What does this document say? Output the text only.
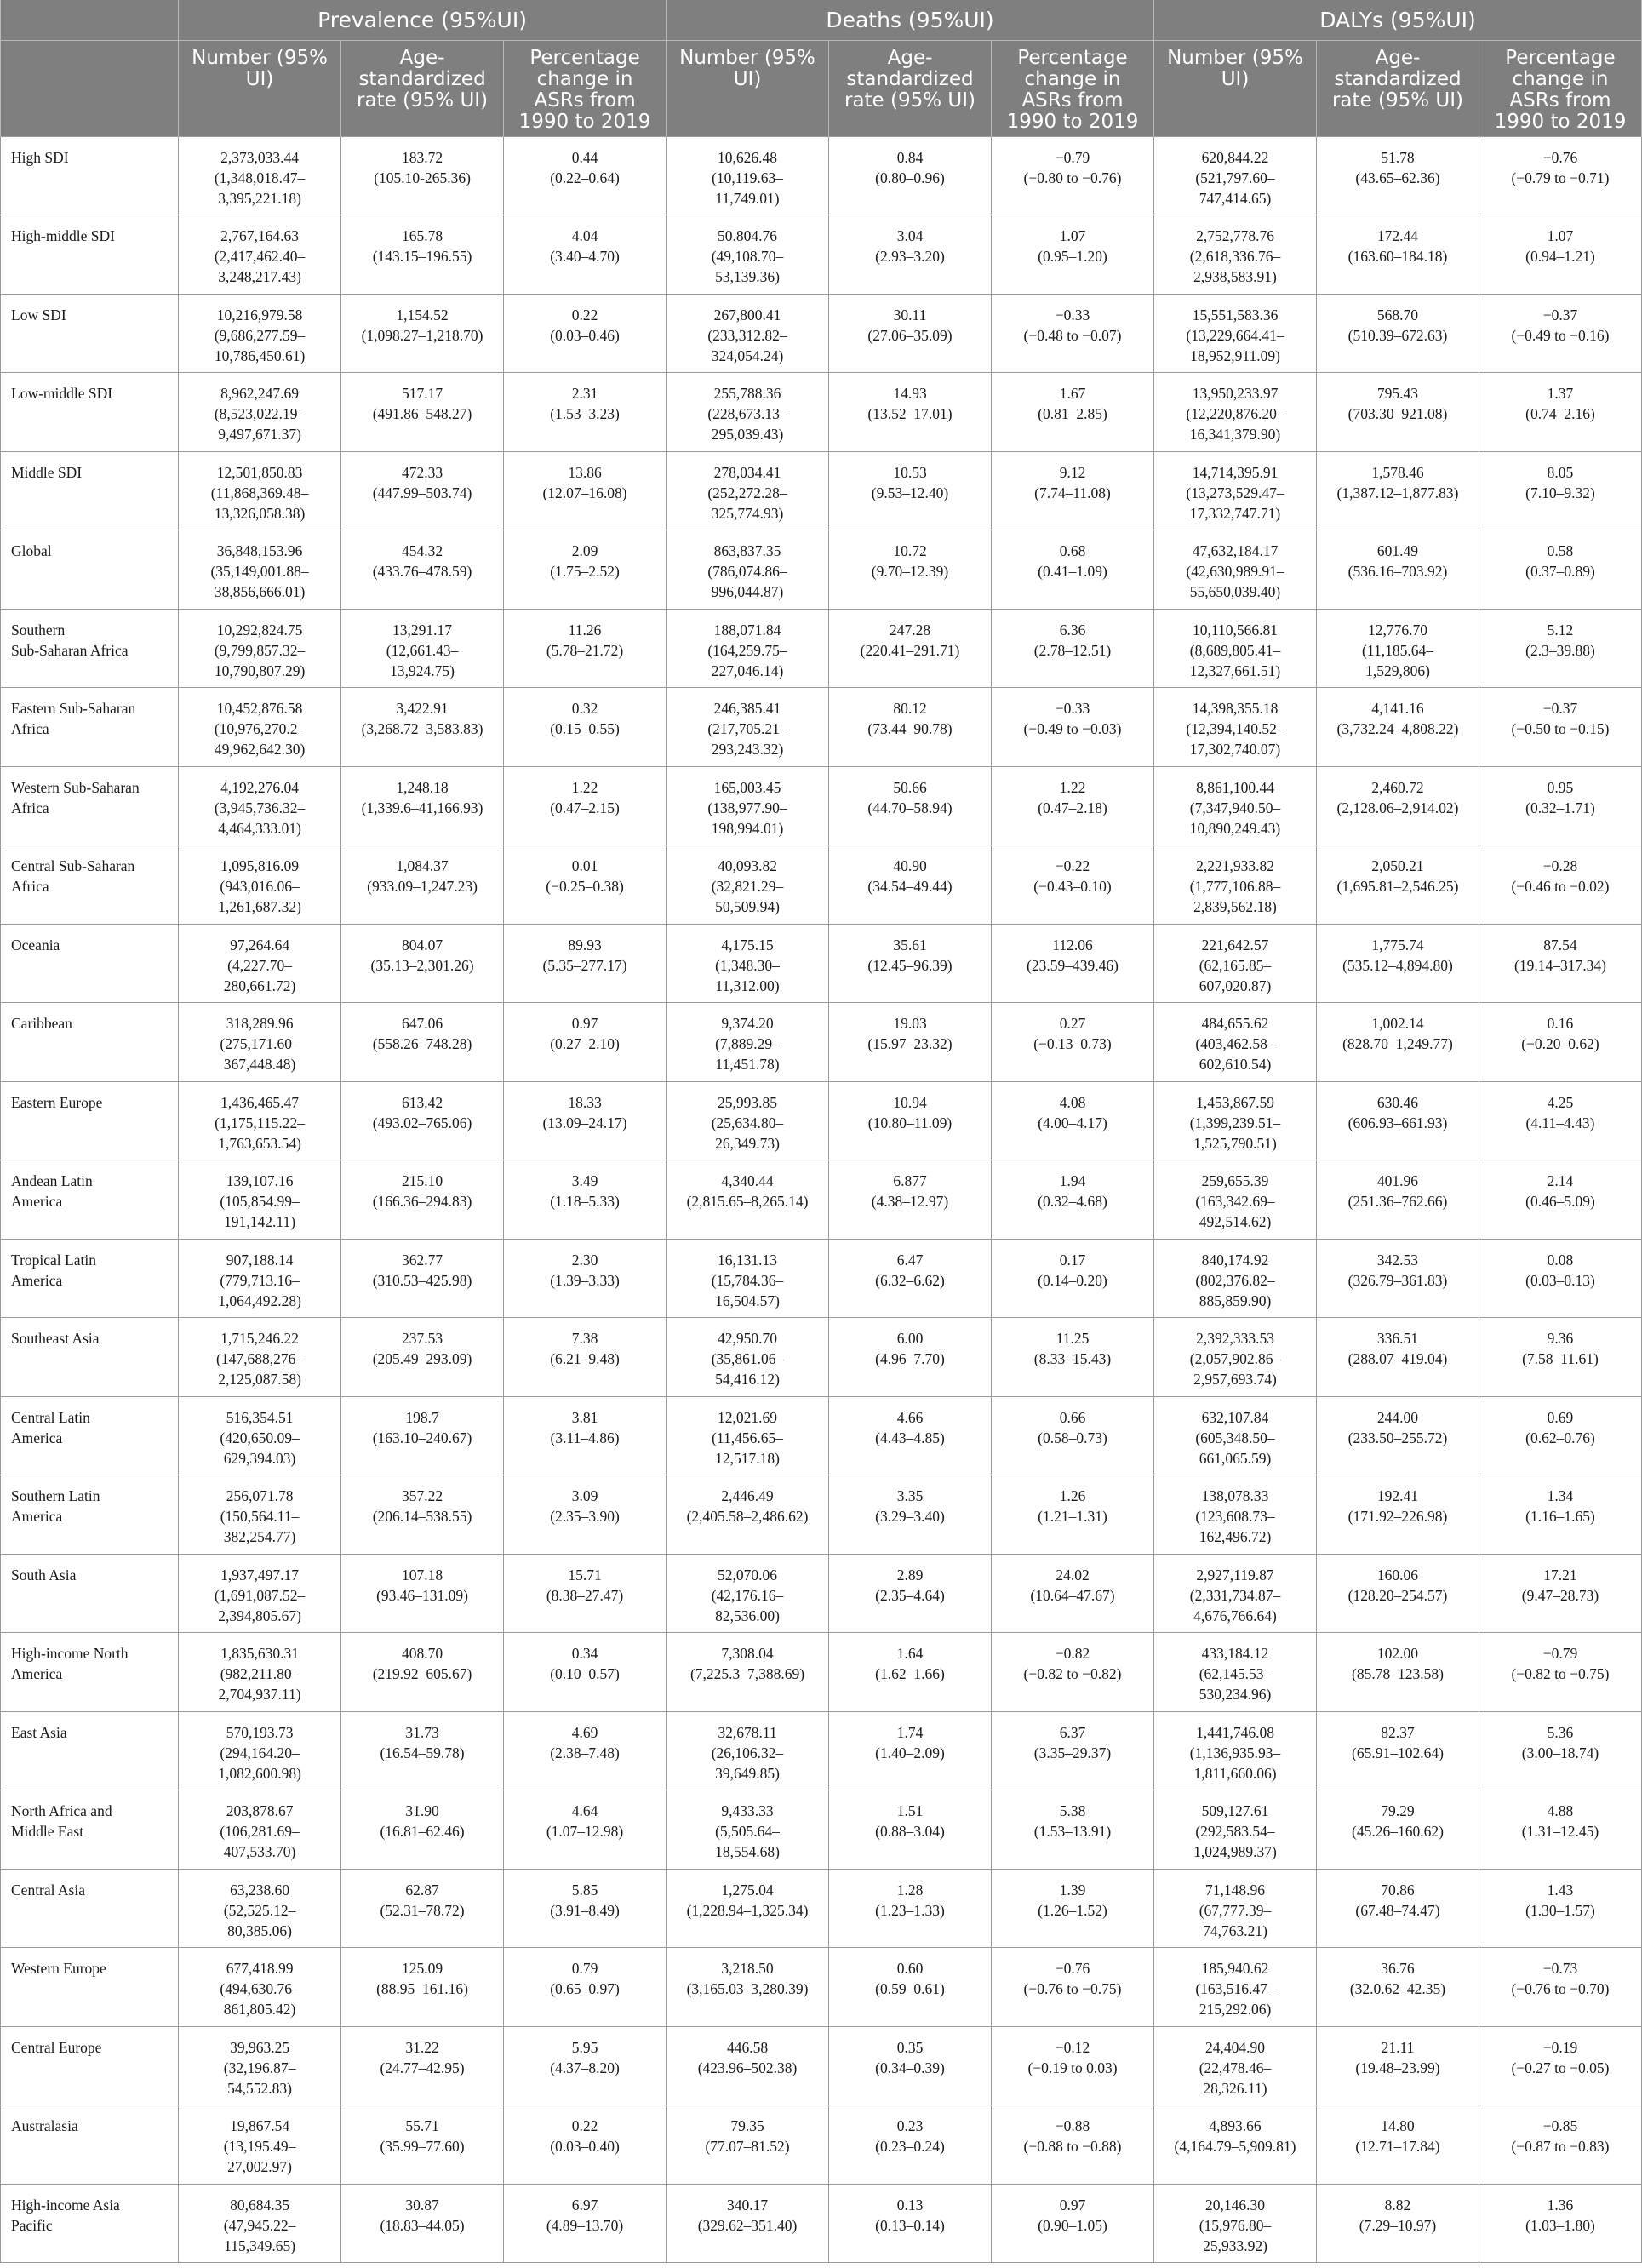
	Prevalence (95%UI)			Deaths (95%UI)			DALYs (95%UI)		
	Number (95% UI)	Age-standardized rate (95% UI)	Percentage change in ASRs from 1990 to 2019	Number (95% UI)	Age-standardized rate (95% UI)	Percentage change in ASRs from 1990 to 2019	Number (95% UI)	Age-standardized rate (95% UI)	Percentage change in ASRs from 1990 to 2019

High SDI	2,373,033.44
(1,348,018.47–
3,395,221.18)	183.72
(105.10-265.36)	0.44
(0.22–0.64)	10,626.48
(10,119.63–
11,749.01)	0.84
(0.80–0.96)	−0.79
(−0.80 to −0.76)	620,844.22
(521,797.60–
747,414.65)	51.78
(43.65–62.36)	−0.76
(−0.79 to −0.71)

High-middle SDI	2,767,164.63
(2,417,462.40–
3,248,217.43)	165.78
(143.15–196.55)	4.04
(3.40–4.70)	50.804.76
(49,108.70–
53,139.36)	3.04
(2.93–3.20)	1.07
(0.95–1.20)	2,752,778.76
(2,618,336.76–
2,938,583.91)	172.44
(163.60–184.18)	1.07
(0.94–1.21)

Low SDI	10,216,979.58
(9,686,277.59–
10,786,450.61)	1,154.52
(1,098.27–1,218.70)	0.22
(0.03–0.46)	267,800.41
(233,312.82–
324,054.24)	30.11
(27.06–35.09)	−0.33
(−0.48 to −0.07)	15,551,583.36
(13,229,664.41–
18,952,911.09)	568.70
(510.39–672.63)	−0.37
(−0.49 to −0.16)

Low-middle SDI	8,962,247.69
(8,523,022.19–
9,497,671.37)	517.17
(491.86–548.27)	2.31
(1.53–3.23)	255,788.36
(228,673.13–
295,039.43)	14.93
(13.52–17.01)	1.67
(0.81–2.85)	13,950,233.97
(12,220,876.20–
16,341,379.90)	795.43
(703.30–921.08)	1.37
(0.74–2.16)

Middle SDI	12,501,850.83
(11,868,369.48–
13,326,058.38)	472.33
(447.99–503.74)	13.86
(12.07–16.08)	278,034.41
(252,272.28–
325,774.93)	10.53
(9.53–12.40)	9.12
(7.74–11.08)	14,714,395.91
(13,273,529.47–
17,332,747.71)	1,578.46
(1,387.12–1,877.83)	8.05
(7.10–9.32)

Global	36,848,153.96
(35,149,001.88–
38,856,666.01)	454.32
(433.76–478.59)	2.09
(1.75–2.52)	863,837.35
(786,074.86–
996,044.87)	10.72
(9.70–12.39)	0.68
(0.41–1.09)	47,632,184.17
(42,630,989.91–
55,650,039.40)	601.49
(536.16–703.92)	0.58
(0.37–0.89)

Southern
Sub-Saharan Africa	10,292,824.75
(9,799,857.32–
10,790,807.29)	13,291.17
(12,661.43–
13,924.75)	11.26
(5.78–21.72)	188,071.84
(164,259.75–
227,046.14)	247.28
(220.41–291.71)	6.36
(2.78–12.51)	10,110,566.81
(8,689,805.41–
12,327,661.51)	12,776.70
(11,185.64–
1,529,806)	5.12
(2.3–39.88)

Eastern Sub-Saharan
Africa	10,452,876.58
(10,976,270.2–
49,962,642.30)	3,422.91
(3,268.72–3,583.83)	0.32
(0.15–0.55)	246,385.41
(217,705.21–
293,243.32)	80.12
(73.44–90.78)	−0.33
(−0.49 to −0.03)	14,398,355.18
(12,394,140.52–
17,302,740.07)	4,141.16
(3,732.24–4,808.22)	−0.37
(−0.50 to −0.15)

Western Sub-Saharan
Africa	4,192,276.04
(3,945,736.32–
4,464,333.01)	1,248.18
(1,339.6–41,166.93)	1.22
(0.47–2.15)	165,003.45
(138,977.90–
198,994.01)	50.66
(44.70–58.94)	1.22
(0.47–2.18)	8,861,100.44
(7,347,940.50–
10,890,249.43)	2,460.72
(2,128.06–2,914.02)	0.95
(0.32–1.71)

Central Sub-Saharan
Africa	1,095,816.09
(943,016.06–
1,261,687.32)	1,084.37
(933.09–1,247.23)	0.01
(−0.25–0.38)	40,093.82
(32,821.29–
50,509.94)	40.90
(34.54–49.44)	−0.22
(−0.43–0.10)	2,221,933.82
(1,777,106.88–
2,839,562.18)	2,050.21
(1,695.81–2,546.25)	−0.28
(−0.46 to −0.02)

Oceania	97,264.64
(4,227.70–
280,661.72)	804.07
(35.13–2,301.26)	89.93
(5.35–277.17)	4,175.15
(1,348.30–
11,312.00)	35.61
(12.45–96.39)	112.06
(23.59–439.46)	221,642.57
(62,165.85–
607,020.87)	1,775.74
(535.12–4,894.80)	87.54
(19.14–317.34)

Caribbean	318,289.96
(275,171.60–
367,448.48)	647.06
(558.26–748.28)	0.97
(0.27–2.10)	9,374.20
(7,889.29–
11,451.78)	19.03
(15.97–23.32)	0.27
(−0.13–0.73)	484,655.62
(403,462.58–
602,610.54)	1,002.14
(828.70–1,249.77)	0.16
(−0.20–0.62)

Eastern Europe	1,436,465.47
(1,175,115.22–
1,763,653.54)	613.42
(493.02–765.06)	18.33
(13.09–24.17)	25,993.85
(25,634.80–
26,349.73)	10.94
(10.80–11.09)	4.08
(4.00–4.17)	1,453,867.59
(1,399,239.51–
1,525,790.51)	630.46
(606.93–661.93)	4.25
(4.11–4.43)

Andean Latin
America	139,107.16
(105,854.99–
191,142.11)	215.10
(166.36–294.83)	3.49
(1.18–5.33)	4,340.44
(2,815.65–8,265.14)	6.877
(4.38–12.97)	1.94
(0.32–4.68)	259,655.39
(163,342.69–
492,514.62)	401.96
(251.36–762.66)	2.14
(0.46–5.09)

Tropical Latin
America	907,188.14
(779,713.16–
1,064,492.28)	362.77
(310.53–425.98)	2.30
(1.39–3.33)	16,131.13
(15,784.36–
16,504.57)	6.47
(6.32–6.62)	0.17
(0.14–0.20)	840,174.92
(802,376.82–
885,859.90)	342.53
(326.79–361.83)	0.08
(0.03–0.13)

Southeast Asia	1,715,246.22
(147,688,276–
2,125,087.58)	237.53
(205.49–293.09)	7.38
(6.21–9.48)	42,950.70
(35,861.06–
54,416.12)	6.00
(4.96–7.70)	11.25
(8.33–15.43)	2,392,333.53
(2,057,902.86–
2,957,693.74)	336.51
(288.07–419.04)	9.36
(7.58–11.61)

Central Latin
America	516,354.51
(420,650.09–
629,394.03)	198.7
(163.10–240.67)	3.81
(3.11–4.86)	12,021.69
(11,456.65–
12,517.18)	4.66
(4.43–4.85)	0.66
(0.58–0.73)	632,107.84
(605,348.50–
661,065.59)	244.00
(233.50–255.72)	0.69
(0.62–0.76)

Southern Latin
America	256,071.78
(150,564.11–
382,254.77)	357.22
(206.14–538.55)	3.09
(2.35–3.90)	2,446.49
(2,405.58–2,486.62)	3.35
(3.29–3.40)	1.26
(1.21–1.31)	138,078.33
(123,608.73–
162,496.72)	192.41
(171.92–226.98)	1.34
(1.16–1.65)

South Asia	1,937,497.17
(1,691,087.52–
2,394,805.67)	107.18
(93.46–131.09)	15.71
(8.38–27.47)	52,070.06
(42,176.16–
82,536.00)	2.89
(2.35–4.64)	24.02
(10.64–47.67)	2,927,119.87
(2,331,734.87–
4,676,766.64)	160.06
(128.20–254.57)	17.21
(9.47–28.73)

High-income North
America	1,835,630.31
(982,211.80–
2,704,937.11)	408.70
(219.92–605.67)	0.34
(0.10–0.57)	7,308.04
(7,225.3–7,388.69)	1.64
(1.62–1.66)	−0.82
(−0.82 to −0.82)	433,184.12
(62,145.53–
530,234.96)	102.00
(85.78–123.58)	−0.79
(−0.82 to −0.75)

East Asia	570,193.73
(294,164.20–
1,082,600.98)	31.73
(16.54–59.78)	4.69
(2.38–7.48)	32,678.11
(26,106.32–
39,649.85)	1.74
(1.40–2.09)	6.37
(3.35–29.37)	1,441,746.08
(1,136,935.93–
1,811,660.06)	82.37
(65.91–102.64)	5.36
(3.00–18.74)

North Africa and
Middle East	203,878.67
(106,281.69–
407,533.70)	31.90
(16.81–62.46)	4.64
(1.07–12.98)	9,433.33
(5,505.64–
18,554.68)	1.51
(0.88–3.04)	5.38
(1.53–13.91)	509,127.61
(292,583.54–
1,024,989.37)	79.29
(45.26–160.62)	4.88
(1.31–12.45)

Central Asia	63,238.60
(52,525.12–
80,385.06)	62.87
(52.31–78.72)	5.85
(3.91–8.49)	1,275.04
(1,228.94–1,325.34)	1.28
(1.23–1.33)	1.39
(1.26–1.52)	71,148.96
(67,777.39–
74,763.21)	70.86
(67.48–74.47)	1.43
(1.30–1.57)

Western Europe	677,418.99
(494,630.76–
861,805.42)	125.09
(88.95–161.16)	0.79
(0.65–0.97)	3,218.50
(3,165.03–3,280.39)	0.60
(0.59–0.61)	−0.76
(−0.76 to −0.75)	185,940.62
(163,516.47–
215,292.06)	36.76
(32.0.62–42.35)	−0.73
(−0.76 to −0.70)

Central Europe	39,963.25
(32,196.87–
54,552.83)	31.22
(24.77–42.95)	5.95
(4.37–8.20)	446.58
(423.96–502.38)	0.35
(0.34–0.39)	−0.12
(−0.19 to 0.03)	24,404.90
(22,478.46–
28,326.11)	21.11
(19.48–23.99)	−0.19
(−0.27 to −0.05)

Australasia	19,867.54
(13,195.49–
27,002.97)	55.71
(35.99–77.60)	0.22
(0.03–0.40)	79.35
(77.07–81.52)	0.23
(0.23–0.24)	−0.88
(−0.88 to −0.88)	4,893.66
(4,164.79–5,909.81)	14.80
(12.71–17.84)	−0.85
(−0.87 to −0.83)

High-income Asia
Pacific	80,684.35
(47,945.22–
115,349.65)	30.87
(18.83–44.05)	6.97
(4.89–13.70)	340.17
(329.62–351.40)	0.13
(0.13–0.14)	0.97
(0.90–1.05)	20,146.30
(15,976.80–
25,933.92)	8.82
(7.29–10.97)	1.36
(1.03–1.80)
